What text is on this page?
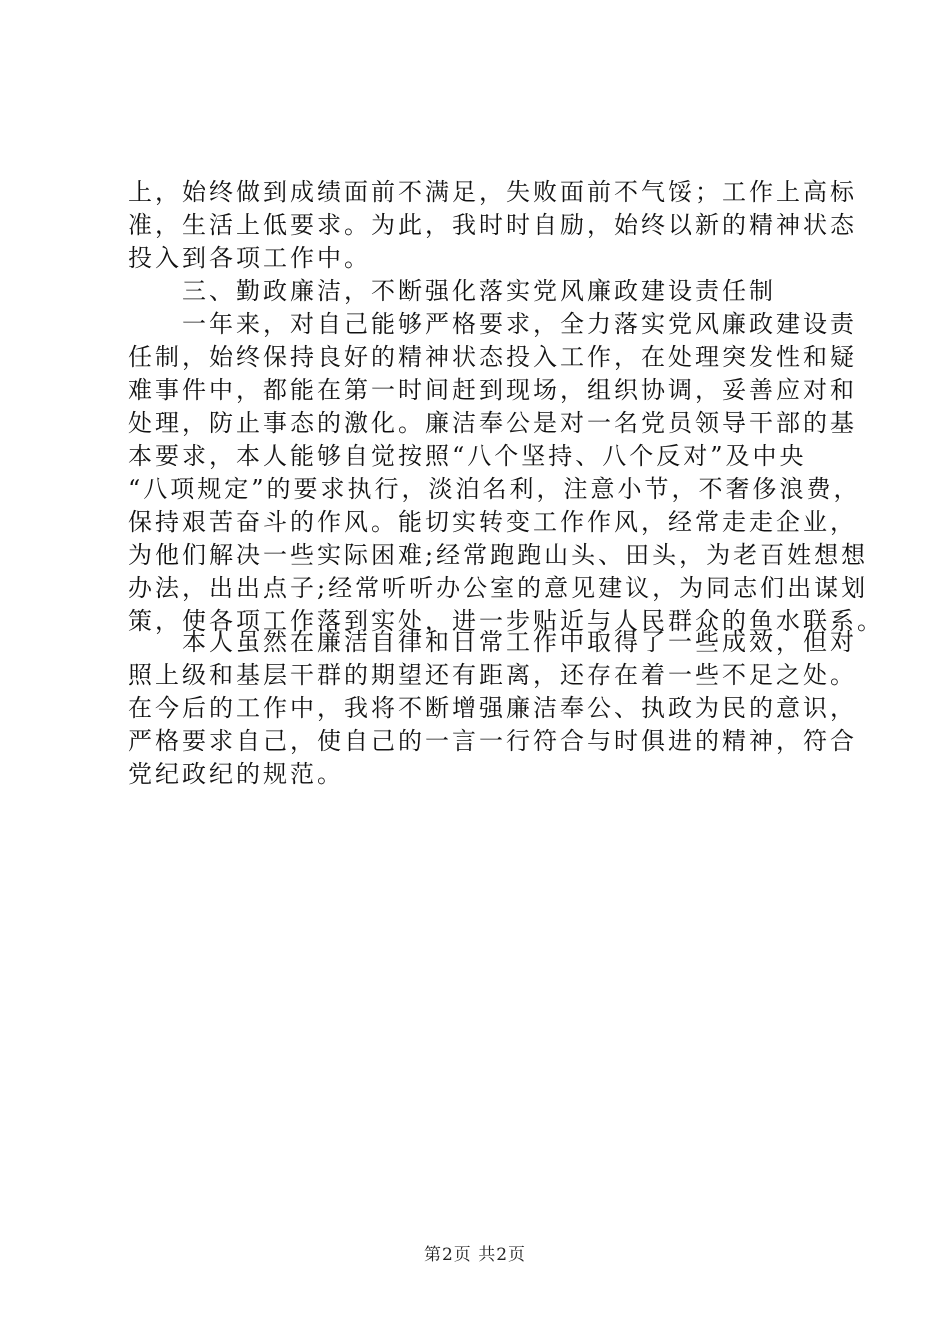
上，始终做到成绩面前不满足，失败面前不气馁；工作上高标
准，生活上低要求。为此，我时时自励，始终以新的精神状态
投入到各项工作中。
　　三、勤政廉洁，不断强化落实党风廉政建设责任制
　　一年来，对自己能够严格要求，全力落实党风廉政建设责
任制，始终保持良好的精神状态投入工作，在处理突发性和疑
难事件中，都能在第一时间赶到现场，组织协调，妥善应对和
处理，防止事态的激化。廉洁奉公是对一名党员领导干部的基
本要求，本人能够自觉按照“八个坚持、八个反对”及中央
“八项规定”的要求执行，淡泊名利，注意小节，不奢侈浪费，
保持艰苦奋斗的作风。能切实转变工作作风，经常走走企业，
为他们解决一些实际困难;经常跑跑山头、田头，为老百姓想想
办法，出出点子;经常听听办公室的意见建议，为同志们出谋划
策，使各项工作落到实处，进一步贴近与人民群众的鱼水联系。
　　本人虽然在廉洁自律和日常工作中取得了一些成效，但对
照上级和基层干群的期望还有距离，还存在着一些不足之处。
在今后的工作中，我将不断增强廉洁奉公、执政为民的意识，
严格要求自己，使自己的一言一行符合与时俱进的精神，符合
党纪政纪的规范。
第2页 共2页
